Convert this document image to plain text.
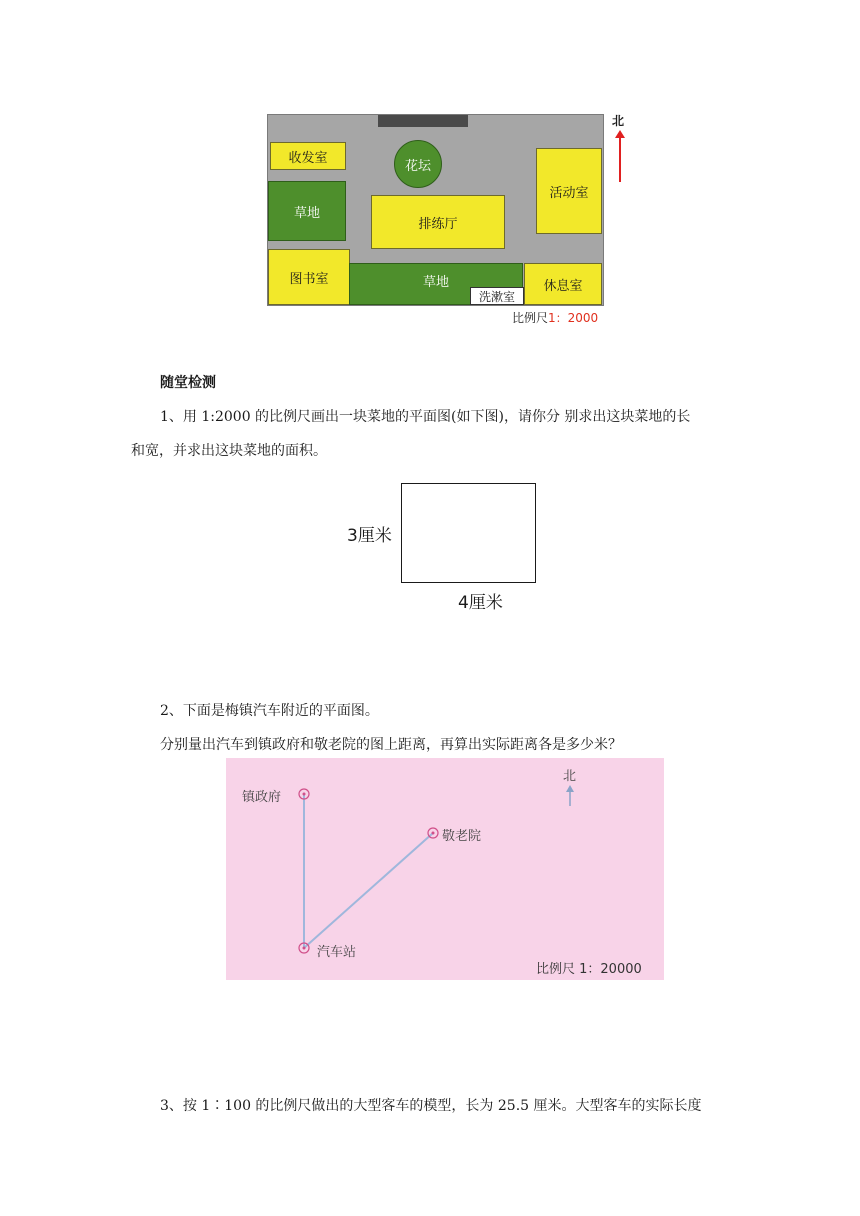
收发室
花坛
活动室
草地
排练厅
图书室	草地
洗漱室
休息室
北
比例尺1：2000
随堂检测
1、用 1:2000 的比例尺画出一块菜地的平面图(如下图)，请你分 别求出这块菜地的长
和宽，并求出这块菜地的面积。
3厘米
4厘米
2、下面是梅镇汽车附近的平面图。
分别量出汽车到镇政府和敬老院的图上距离，再算出实际距离各是多少米？
镇政府
敬老院
汽车站
北
比例尺 1：20000
3、按 1∶100 的比例尺做出的大型客车的模型，长为 25.5 厘米。大型客车的实际长度
